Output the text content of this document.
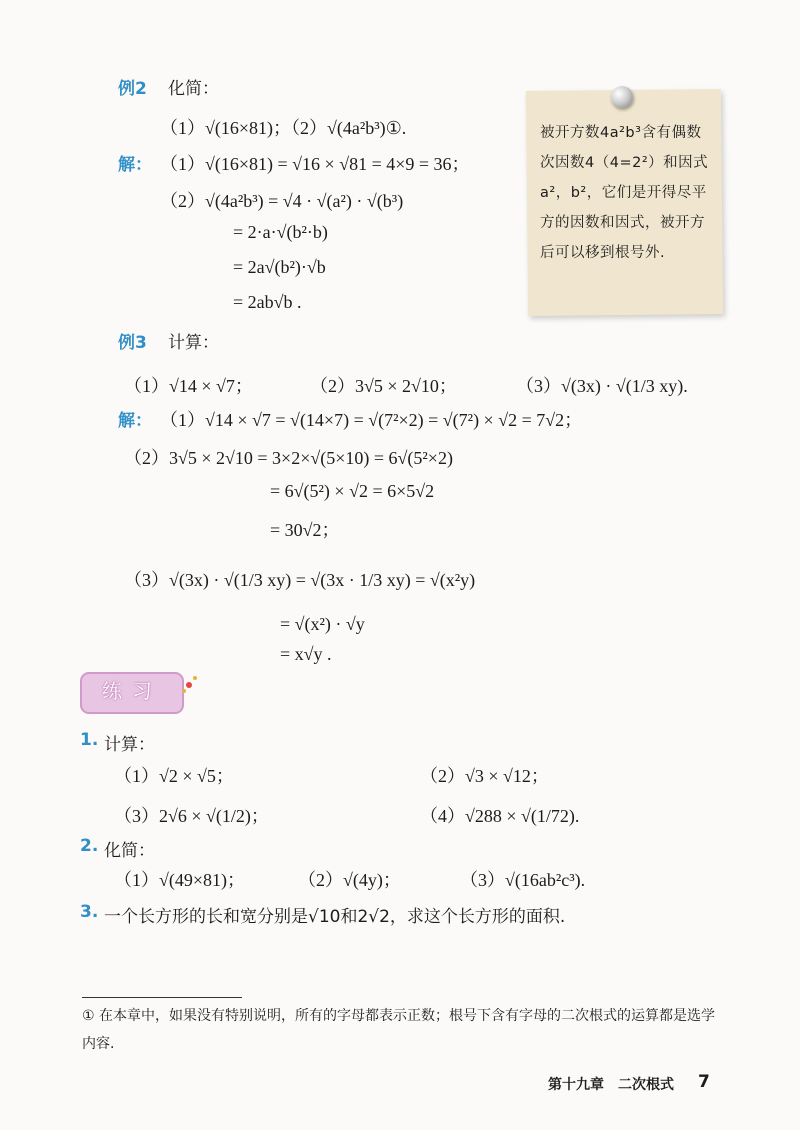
例2 化简：
（1）√(16×81)；（2）√(4a²b³)①.
解： （1）√(16×81) = √16 × √81 = 4×9 = 36；
（2）√(4a²b³) = √4 · √(a²) · √(b³)
= 2·a·√(b²·b)
= 2a√(b²)·√b
= 2ab√b .
被开方数4a²b³含有偶数次因数4（4=2²）和因式a²，b²，它们是开得尽平方的因数和因式，被开方后可以移到根号外.
例3 计算：
（1）√14 × √7；	（2）3√5 × 2√10；	（3）√(3x) · √(1/3 xy).
解： （1）√14 × √7 = √(14×7) = √(7²×2) = √(7²) × √2 = 7√2；
（2）3√5 × 2√10 = 3×2×√(5×10) = 6√(5²×2)
= 6√(5²) × √2 = 6×5√2
= 30√2；
（3）√(3x) · √(1/3 xy) = √(3x · 1/3 xy) = √(x²y)
= √(x²) · √y
= x√y .
练习
1. 计算：
（1）√2 × √5；	（2）√3 × √12；
（3）2√6 × √(1/2)；	（4）√288 × √(1/72).
2. 化简：
（1）√(49×81)；	（2）√(4y)；	（3）√(16ab²c³).
3. 一个长方形的长和宽分别是√10和2√2，求这个长方形的面积.
① 在本章中，如果没有特别说明，所有的字母都表示正数；根号下含有字母的二次根式的运算都是选学内容.
第十九章　二次根式 7
